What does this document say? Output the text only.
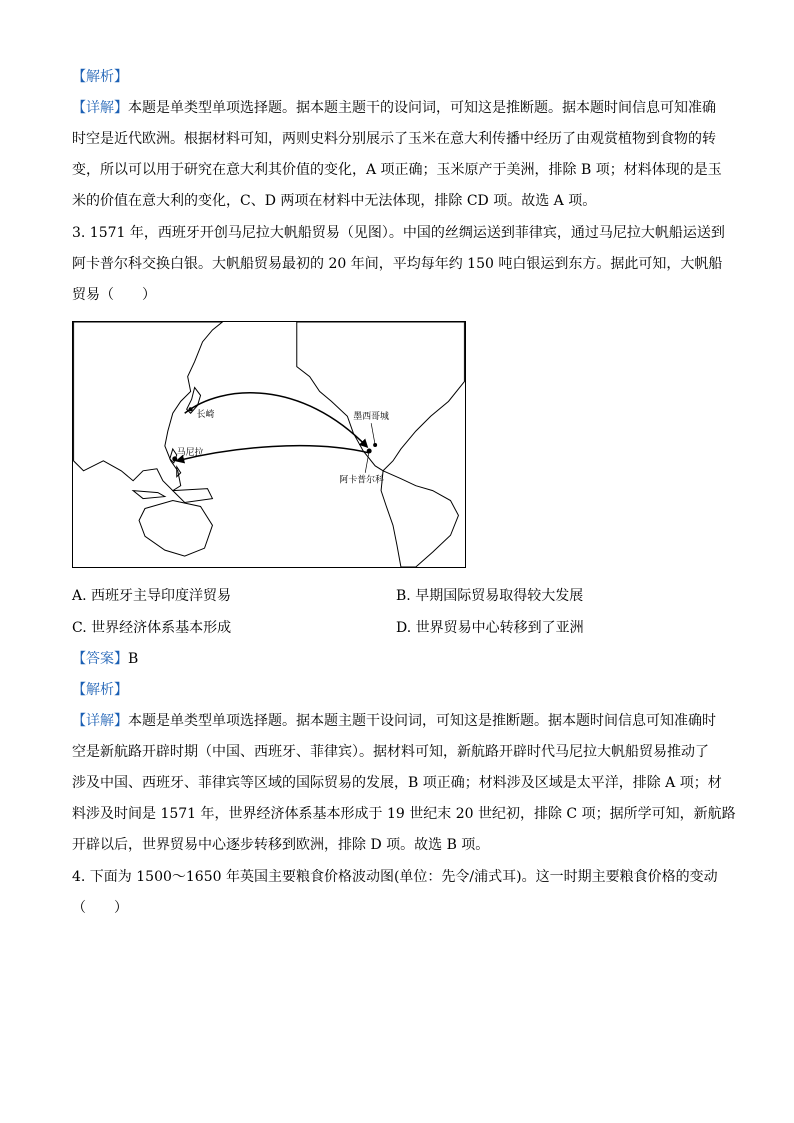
【解析】
【详解】本题是单类型单项选择题。据本题主题干的设问词，可知这是推断题。据本题时间信息可知准确
时空是近代欧洲。根据材料可知，两则史料分别展示了玉米在意大利传播中经历了由观赏植物到食物的转
变，所以可以用于研究在意大利其价值的变化，A 项正确；玉米原产于美洲，排除 B 项；材料体现的是玉
米的价值在意大利的变化，C、D 两项在材料中无法体现，排除 CD 项。故选 A 项。

3. 1571 年，西班牙开创马尼拉大帆船贸易（见图）。中国的丝绸运送到菲律宾，通过马尼拉大帆船运送到
阿卡普尔科交换白银。大帆船贸易最初的 20 年间，平均每年约 150 吨白银运到东方。据此可知，大帆船
贸易（　　）

长崎
马尼拉
墨西哥城
阿卡普尔科
A. 西班牙主导印度洋贸易	B. 早期国际贸易取得较大发展
C. 世界经济体系基本形成	D. 世界贸易中心转移到了亚洲

【答案】B
【解析】
【详解】本题是单类型单项选择题。据本题主题干设问词，可知这是推断题。据本题时间信息可知准确时
空是新航路开辟时期（中国、西班牙、菲律宾）。据材料可知，新航路开辟时代马尼拉大帆船贸易推动了
涉及中国、西班牙、菲律宾等区域的国际贸易的发展，B 项正确；材料涉及区域是太平洋，排除 A 项；材
料涉及时间是 1571 年，世界经济体系基本形成于 19 世纪末 20 世纪初，排除 C 项；据所学可知，新航路
开辟以后，世界贸易中心逐步转移到欧洲，排除 D 项。故选 B 项。

4. 下面为 1500～1650 年英国主要粮食价格波动图(单位：先令/浦式耳)。这一时期主要粮食价格的变动
（　　）
